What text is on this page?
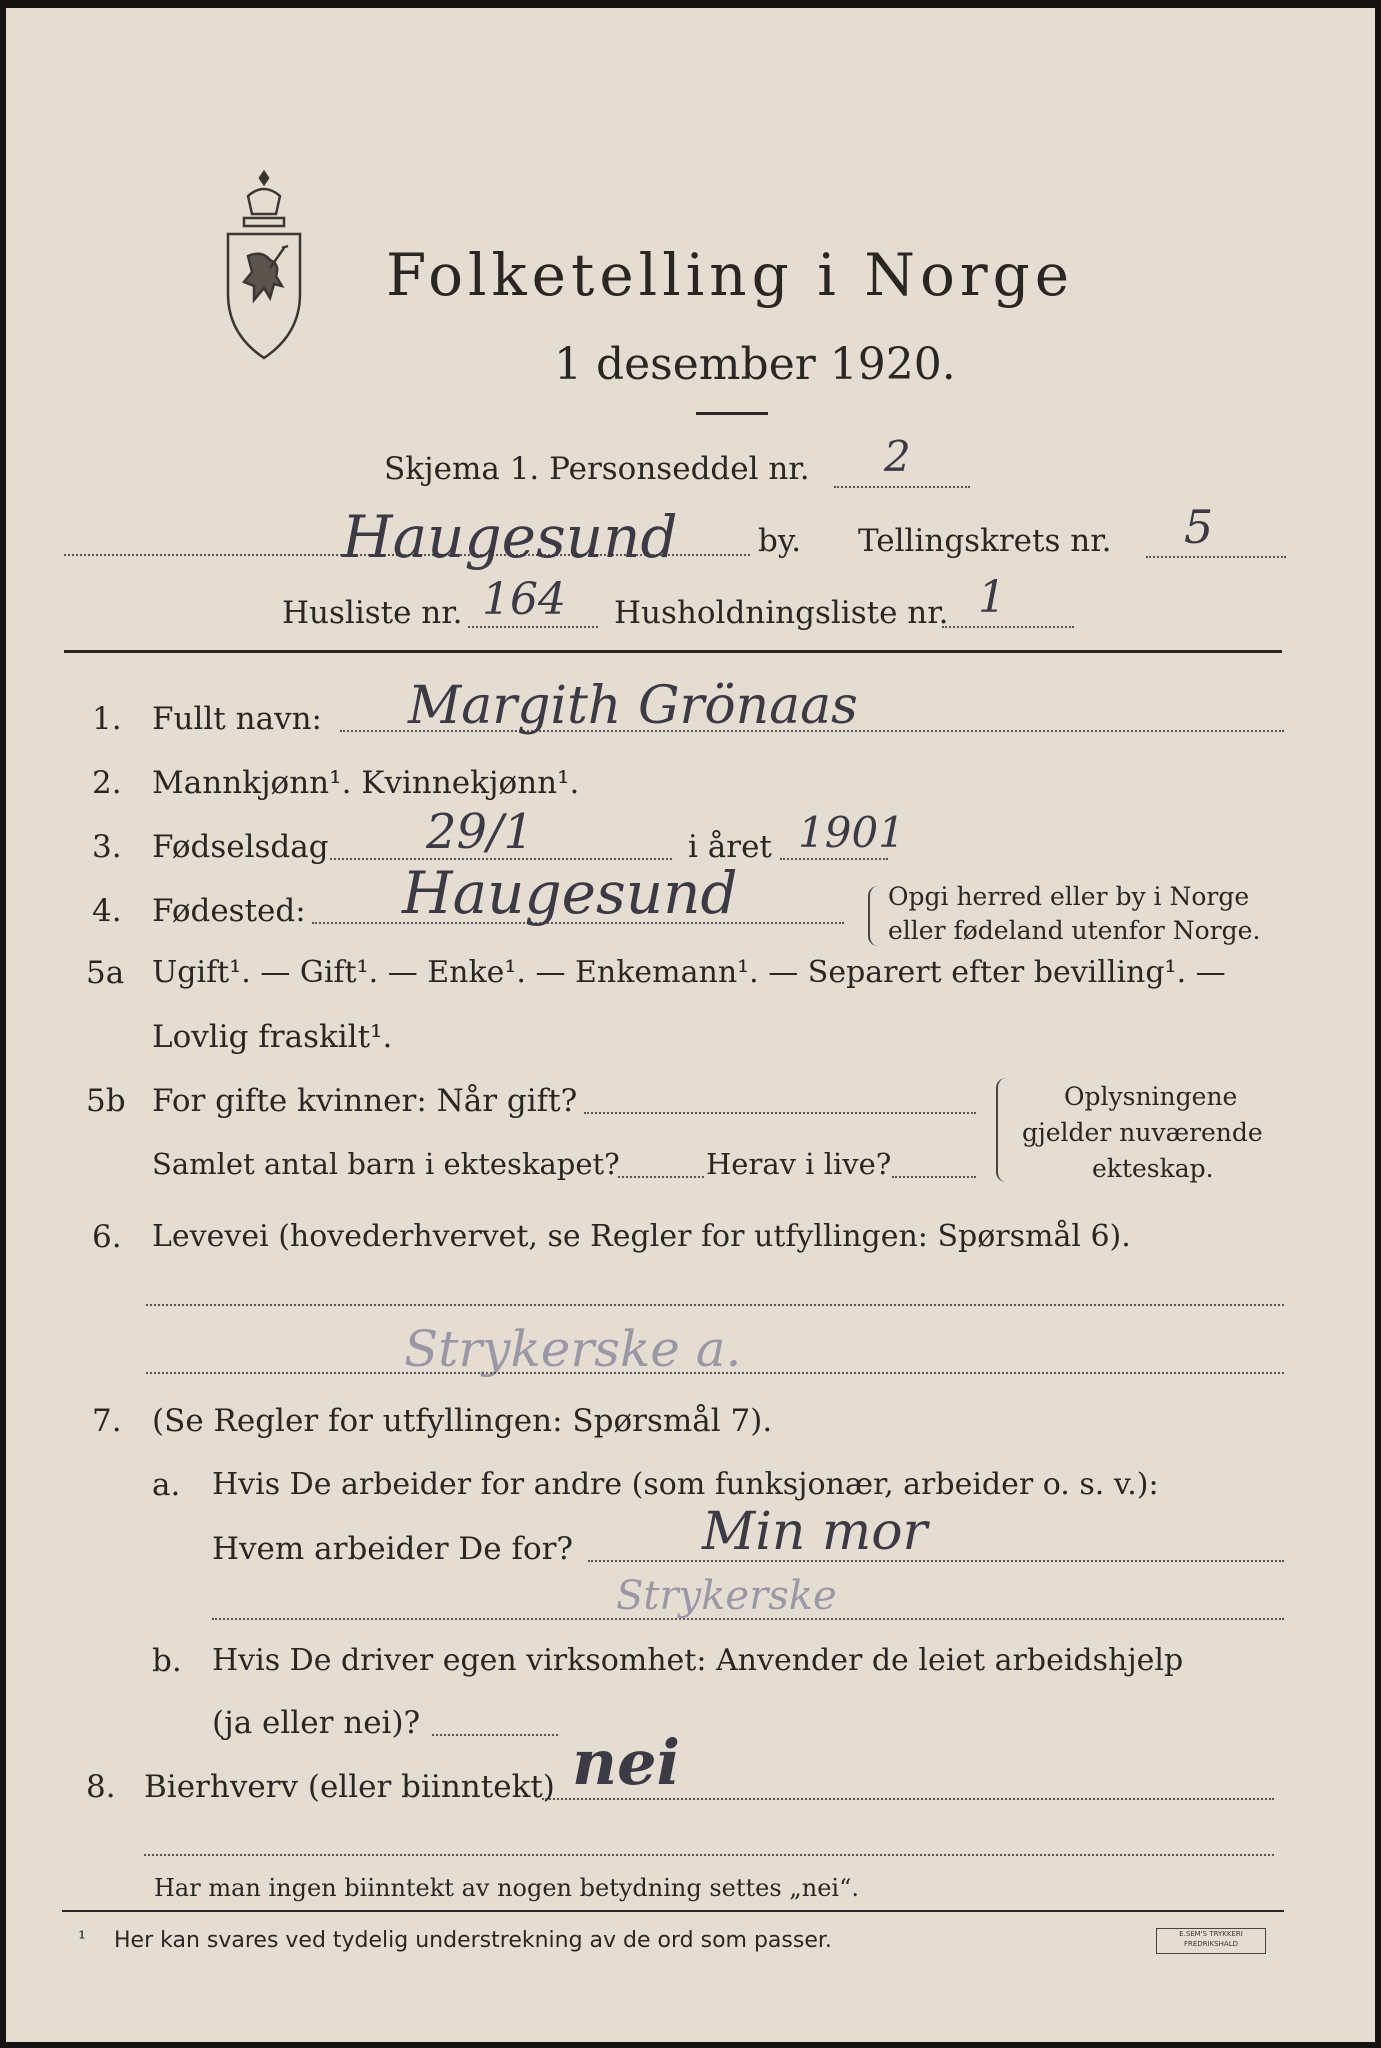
Folketelling i Norge
1 desember 1920.
Skjema 1. Personseddel nr. 2
Haugesund	by. Tellingskrets nr. 5
Husliste nr. 164 Husholdningsliste nr. 1
1. Fullt navn: Margith Grönaas
2. Mannkjønn¹. Kvinnekjønn¹.
3. Fødselsdag 29/1	i året 1901
4. Fødested: Haugesund	Opgi herred eller by i Norge
eller fødeland utenfor Norge.
5a Ugift¹. — Gift¹. — Enke¹. — Enkemann¹. — Separert efter bevilling¹. —
Lovlig fraskilt¹.
5b For gifte kvinner: Når gift?
Samlet antal barn i ekteskapet?	Herav i live?
Oplysningene
gjelder nuværende
ekteskap.
6. Levevei (hovederhvervet, se Regler for utfyllingen: Spørsmål 6).
Strykerske a.
7. (Se Regler for utfyllingen: Spørsmål 7).
a. Hvis De arbeider for andre (som funksjonær, arbeider o. s. v.):
Hvem arbeider De for? Min mor
Strykerske
b. Hvis De driver egen virksomhet: Anvender de leiet arbeidshjelp
(ja eller nei)?
8. Bierhverv (eller biinntekt) nei
Har man ingen biinntekt av nogen betydning settes „nei“.
¹ Her kan svares ved tydelig understrekning av de ord som passer.	E.SEM'S TRYKKERI
FREDRIKSHALD
